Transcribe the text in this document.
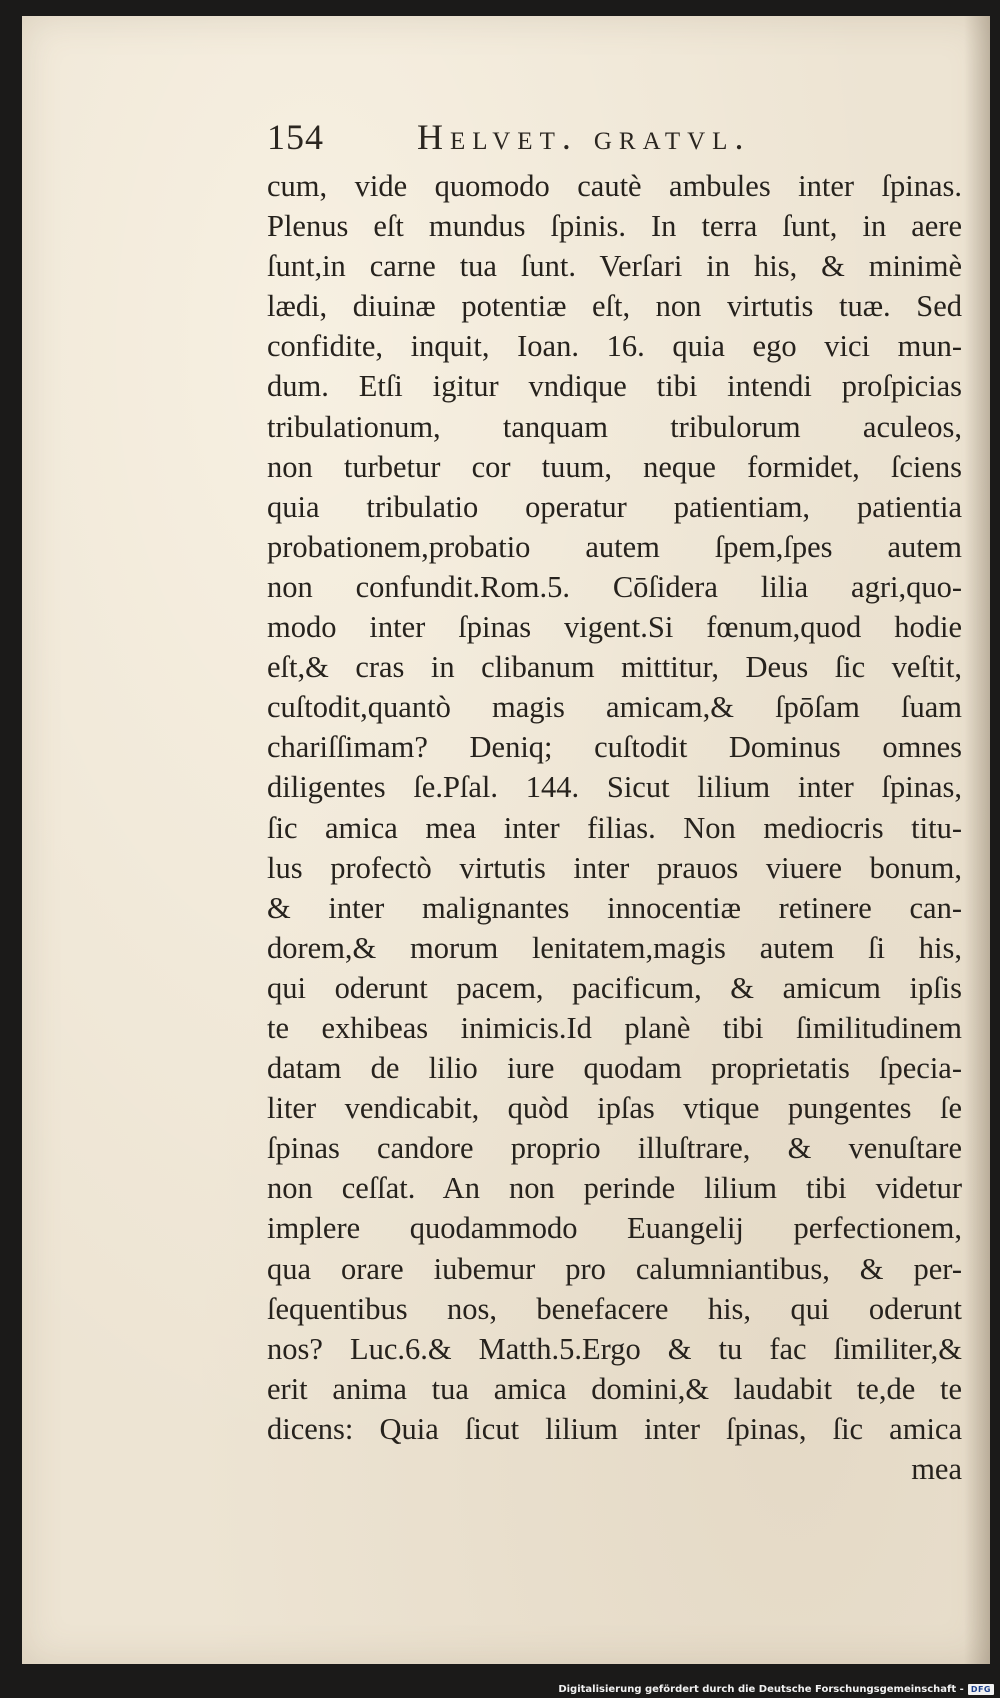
154	Helvet. gratvl.
cum, vide quomodo cautè ambules inter ſpinas.
Plenus eſt mundus ſpinis. In terra ſunt, in aere
ſunt,in carne tua ſunt. Verſari in his, & minimè
lædi, diuinæ potentiæ eſt, non virtutis tuæ. Sed
confidite, inquit, Ioan. 16. quia ego vici mun-
dum. Etſi igitur vndique tibi intendi proſpicias
tribulationum, tanquam tribulorum aculeos,
non turbetur cor tuum, neque formidet, ſciens
quia tribulatio operatur patientiam, patientia
probationem,probatio autem ſpem,ſpes autem
non confundit.Rom.5. Cōſidera lilia agri,quo-
modo inter ſpinas vigent.Si fœnum,quod hodie
eſt,& cras in clibanum mittitur, Deus ſic veſtit,
cuſtodit,quantò magis amicam,& ſpōſam ſuam
chariſſimam? Deniq; cuſtodit Dominus omnes
diligentes ſe.Pſal. 144. Sicut lilium inter ſpinas,
ſic amica mea inter filias. Non mediocris titu-
lus profectò virtutis inter prauos viuere bonum,
& inter malignantes innocentiæ retinere can-
dorem,& morum lenitatem,magis autem ſi his,
qui oderunt pacem, pacificum, & amicum ipſis
te exhibeas inimicis.Id planè tibi ſimilitudinem
datam de lilio iure quodam proprietatis ſpecia-
liter vendicabit, quòd ipſas vtique pungentes ſe
ſpinas candore proprio illuſtrare, & venuſtare
non ceſſat. An non perinde lilium tibi videtur
implere quodammodo Euangelij perfectionem,
qua orare iubemur pro calumniantibus, & per-
ſequentibus nos, benefacere his, qui oderunt
nos? Luc.6.& Matth.5.Ergo & tu fac ſimiliter,&
erit anima tua amica domini,& laudabit te,de te
dicens: Quia ſicut lilium inter ſpinas, ſic amica
mea
Digitalisierung gefördert durch die Deutsche Forschungsgemeinschaft - DFG
